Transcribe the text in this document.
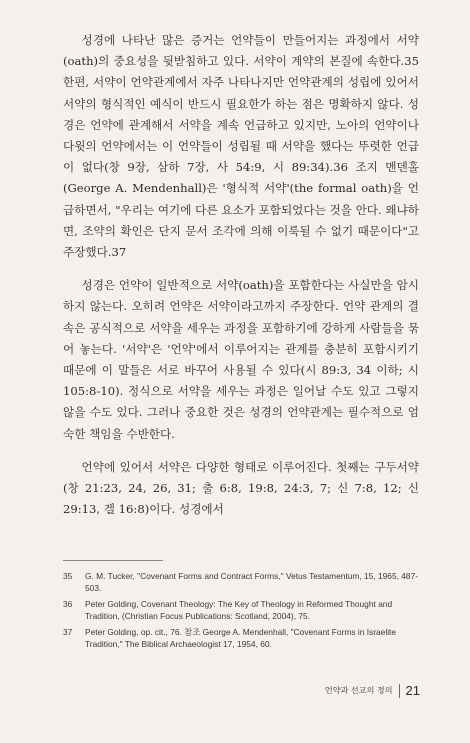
성경에 나타난 많은 증거는 언약들이 만들어지는 과정에서 서약(oath)의 중요성을 뒷받침하고 있다. 서약이 계약의 본질에 속한다.35 한편, 서약이 언약관계에서 자주 나타나지만 언약관계의 성립에 있어서 서약의 형식적인 예식이 반드시 필요한가 하는 점은 명확하지 않다. 성경은 언약에 관계해서 서약을 계속 언급하고 있지만, 노아의 언약이나 다윗의 언약에서는 이 언약들이 성립될 때 서약을 했다는 뚜렷한 언급이 없다(창 9장, 삼하 7장, 사 54:9, 시 89:34).36 조지 멘덴홀(George A. Mendenhall)은 '형식적 서약'(the formal oath)을 언급하면서, "우리는 여기에 다른 요소가 포함되었다는 것을 안다. 왜냐하면, 조약의 확인은 단지 문서 조각에 의해 이룩될 수 없기 때문이다"고 주장했다.37

성경은 언약이 일반적으로 서약(oath)을 포함한다는 사실만을 암시하지 않는다. 오히려 언약은 서약이라고까지 주장한다. 언약 관계의 결속은 공식적으로 서약을 세우는 과정을 포함하기에 강하게 사람들을 묶어 놓는다. '서약'은 '언약'에서 이루어지는 관계를 충분히 포함시키기 때문에 이 말들은 서로 바꾸어 사용될 수 있다(시 89:3, 34 이하; 시 105:8-10). 정식으로 서약을 세우는 과정은 일어날 수도 있고 그렇지 않을 수도 있다. 그러나 중요한 것은 성경의 언약관계는 필수적으로 엄숙한 책임을 수반한다.

언약에 있어서 서약은 다양한 형태로 이루어진다. 첫째는 구두서약(창 21:23, 24, 26, 31; 출 6:8, 19:8, 24:3, 7; 신 7:8, 12; 신 29:13, 겔 16:8)이다. 성경에서

35	G. M. Tucker, "Covenant Forms and Contract Forms," Vetus Testamentum, 15, 1965, 487-503.
36	Peter Golding, Covenant Theology: The Key of Theology in Reformed Thought and Tradition, (Christian Focus Publications: Scotland, 2004), 75.
37	Peter Golding, op. cit., 76. 참조 George A. Mendenhall, "Covenant Forms in Israelite Tradition," The Biblical Archaeologist 17, 1954, 60.
언약과 선교의 정의 21
